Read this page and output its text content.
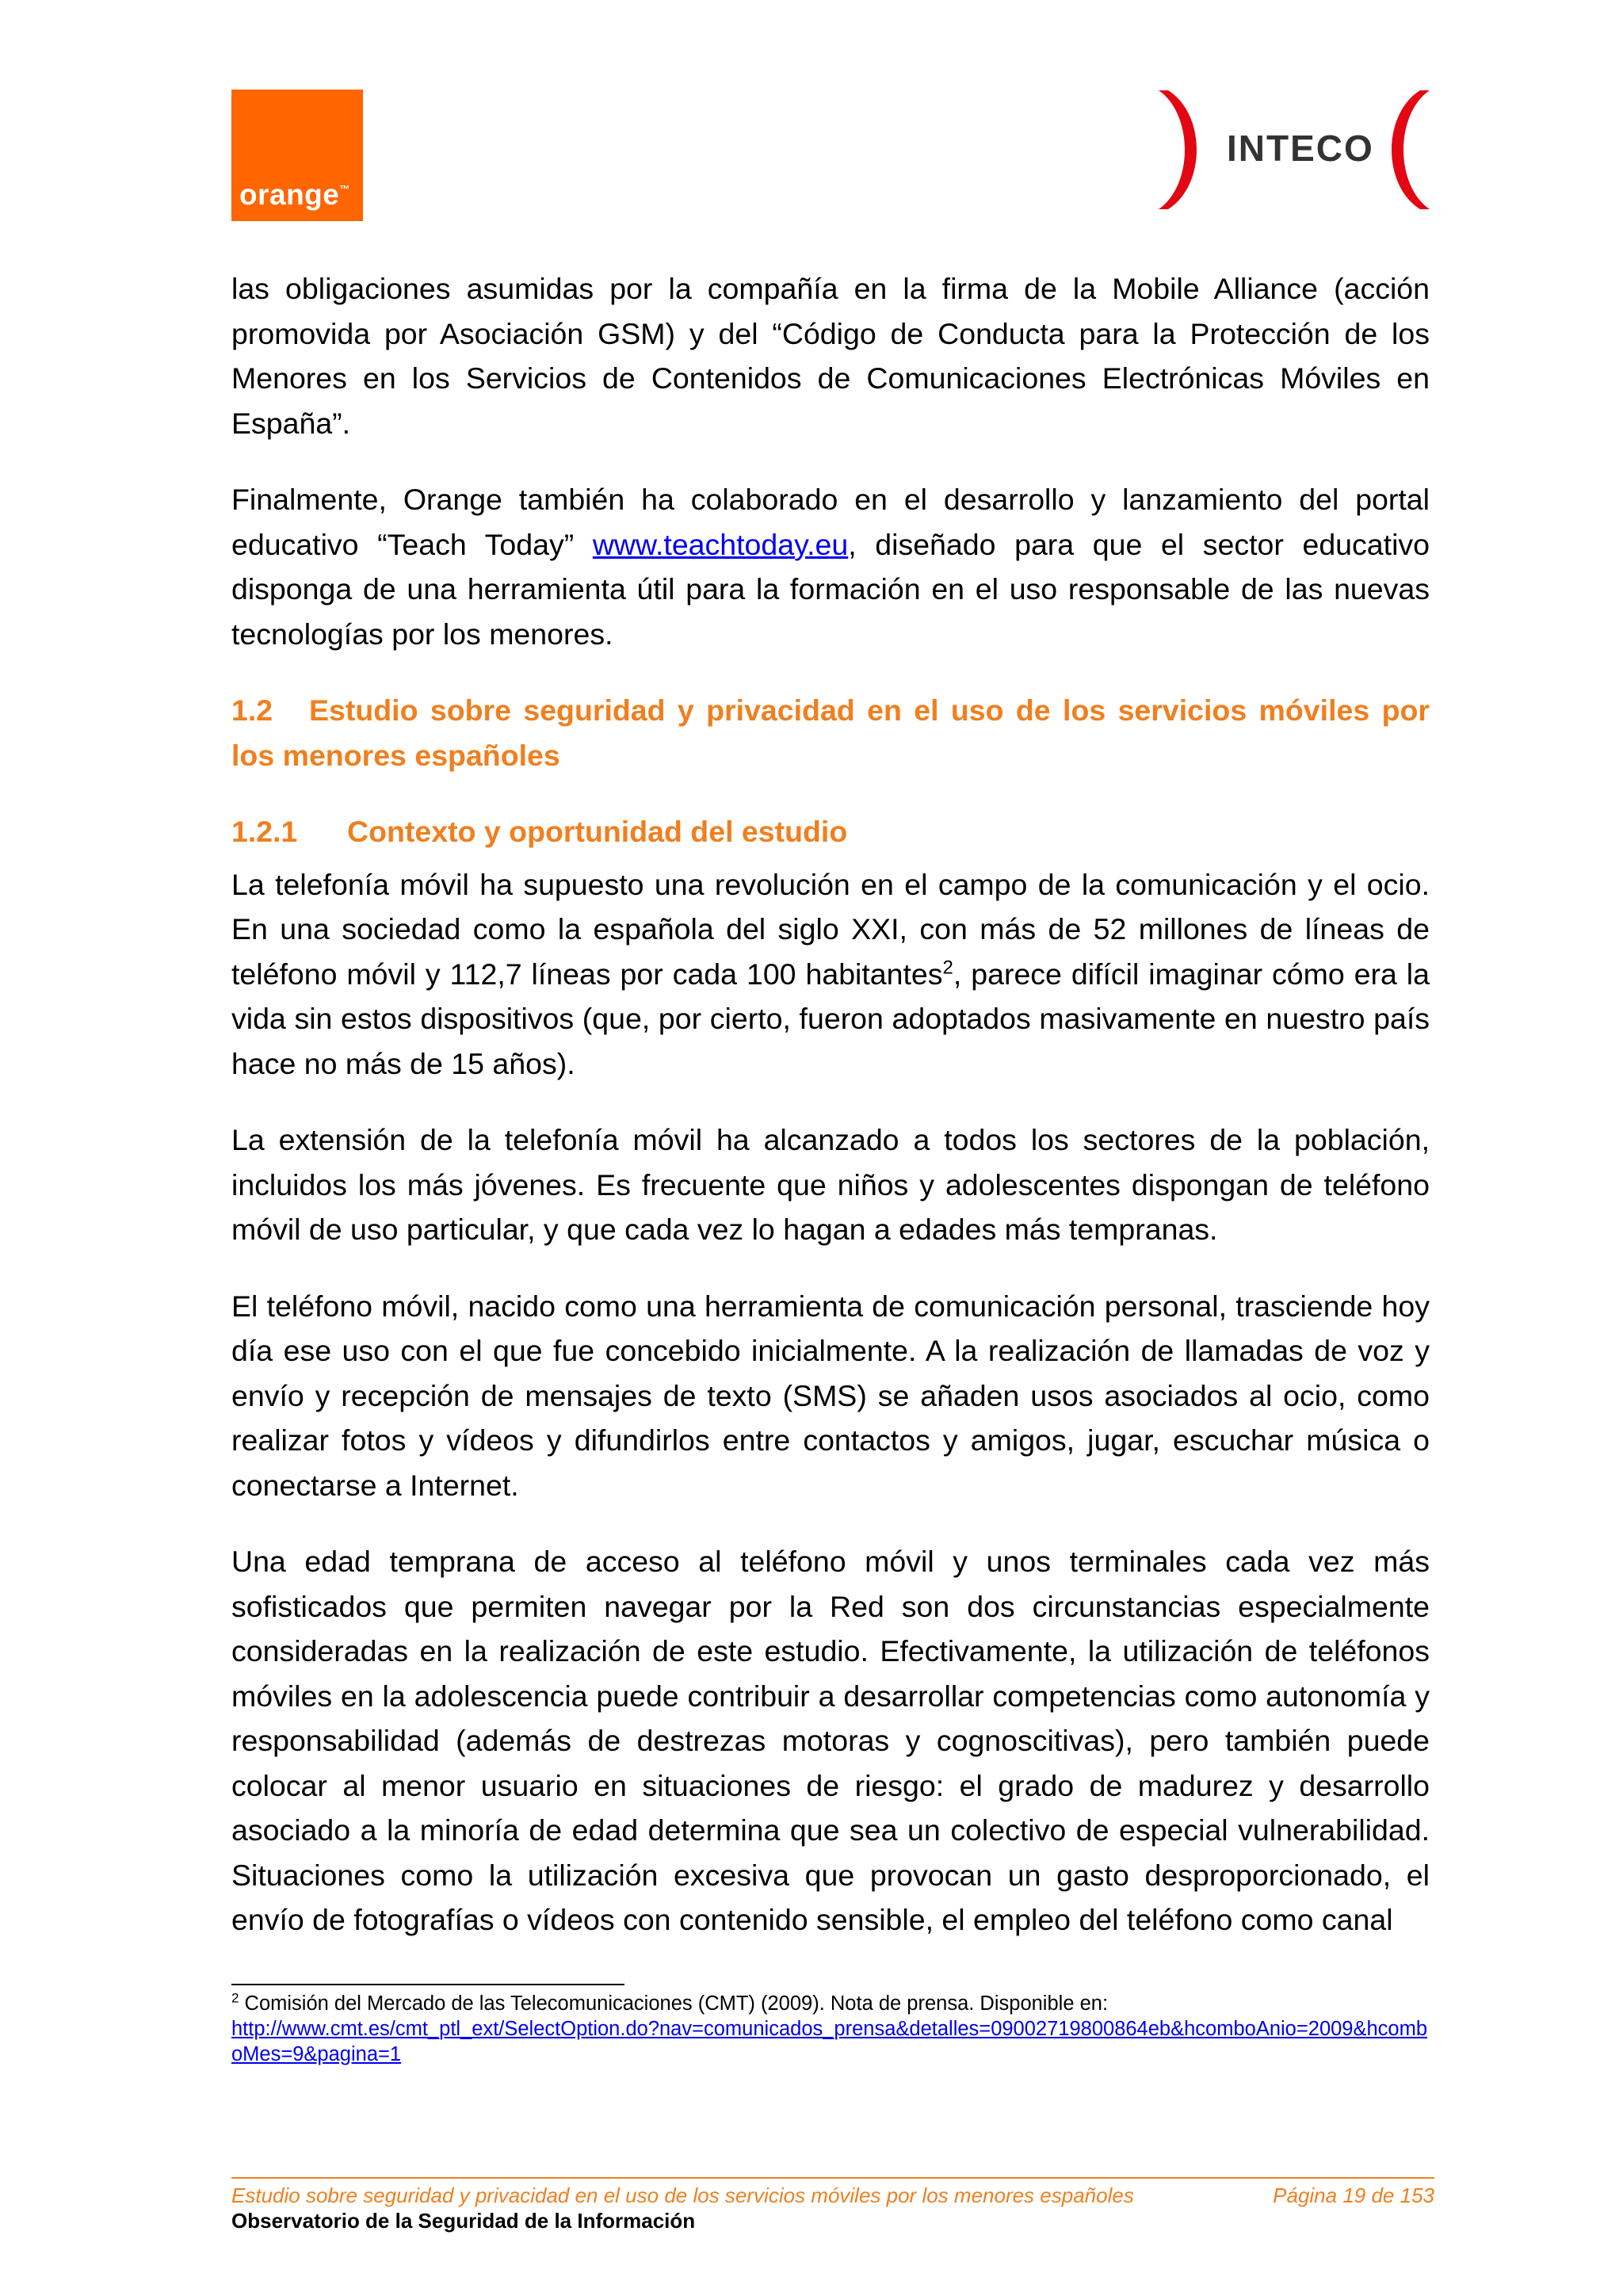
orange™
INTECO

las obligaciones asumidas por la compañía en la firma de la Mobile Alliance (acción promovida por Asociación GSM) y del “Código de Conducta para la Protección de los Menores en los Servicios de Contenidos de Comunicaciones Electrónicas Móviles en España”.

Finalmente, Orange también ha colaborado en el desarrollo y lanzamiento del portal educativo “Teach Today” www.teachtoday.eu, diseñado para que el sector educativo disponga de una herramienta útil para la formación en el uso responsable de las nuevas tecnologías por los menores.

1.2 Estudio sobre seguridad y privacidad en el uso de los servicios móviles por los menores españoles

1.2.1 Contexto y oportunidad del estudio

La telefonía móvil ha supuesto una revolución en el campo de la comunicación y el ocio. En una sociedad como la española del siglo XXI, con más de 52 millones de líneas de teléfono móvil y 112,7 líneas por cada 100 habitantes$^2$, parece difícil imaginar cómo era la vida sin estos dispositivos (que, por cierto, fueron adoptados masivamente en nuestro país hace no más de 15 años).

La extensión de la telefonía móvil ha alcanzado a todos los sectores de la población, incluidos los más jóvenes. Es frecuente que niños y adolescentes dispongan de teléfono móvil de uso particular, y que cada vez lo hagan a edades más tempranas.

El teléfono móvil, nacido como una herramienta de comunicación personal, trasciende hoy día ese uso con el que fue concebido inicialmente. A la realización de llamadas de voz y envío y recepción de mensajes de texto (SMS) se añaden usos asociados al ocio, como realizar fotos y vídeos y difundirlos entre contactos y amigos, jugar, escuchar música o conectarse a Internet.

Una edad temprana de acceso al teléfono móvil y unos terminales cada vez más sofisticados que permiten navegar por la Red son dos circunstancias especialmente consideradas en la realización de este estudio. Efectivamente, la utilización de teléfonos móviles en la adolescencia puede contribuir a desarrollar competencias como autonomía y responsabilidad (además de destrezas motoras y cognoscitivas), pero también puede colocar al menor usuario en situaciones de riesgo: el grado de madurez y desarrollo asociado a la minoría de edad determina que sea un colectivo de especial vulnerabilidad. Situaciones como la utilización excesiva que provocan un gasto desproporcionado, el envío de fotografías o vídeos con contenido sensible, el empleo del teléfono como canal

$^2$ Comisión del Mercado de las Telecomunicaciones (CMT) (2009). Nota de prensa. Disponible en:
http://www.cmt.es/cmt_ptl_ext/SelectOption.do?nav=comunicados_prensa&detalles=09002719800864eb&hcomboAnio=2009&hcomboMes=9&pagina=1
Estudio sobre seguridad y privacidad en el uso de los servicios móviles por los menores españoles	Página 19 de 153
Observatorio de la Seguridad de la Información
